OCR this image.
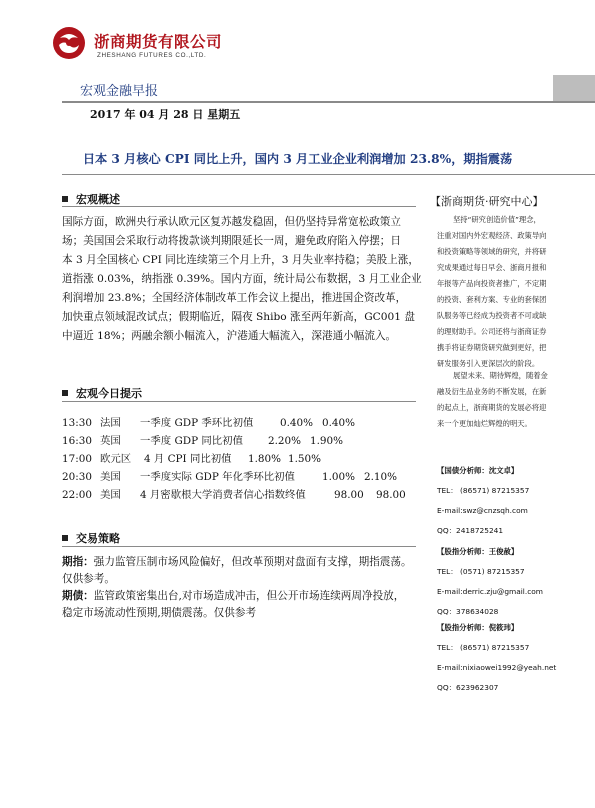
浙商期货有限公司
ZHESHANG FUTURES CO.,LTD.
宏观金融早报
2017 年 04 月 28 日 星期五
日本 3 月核心 CPI 同比上升，国内 3 月工业企业利润增加 23.8%，期指震荡
宏观概述
国际方面，欧洲央行承认欧元区复苏越发稳固，但仍坚持异常宽松政策立
场；美国国会采取行动将拨款谈判期限延长一周，避免政府陷入停摆；日
本 3 月全国核心 CPI 同比连续第三个月上升，3 月失业率持稳；美股上涨，
道指涨 0.03%，纳指涨 0.39%。国内方面，统计局公布数据，3 月工业企业
利润增加 23.8%；全国经济体制改革工作会议上提出，推进国企资改革，
加快重点领域混改试点；假期临近，隔夜 Shibo 涨至两年新高，GC001 盘
中逼近 18%；两融余额小幅流入，沪港通大幅流入，深港通小幅流入。
宏观今日提示
13:30 法国 一季度 GDP 季环比初值	0.40% 0.40%
16:30 英国 一季度 GDP 同比初值 2.20% 1.90%
17:00 欧元区 4 月 CPI 同比初值 1.80% 1.50%
20:30 美国 一季度实际 GDP 年化季环比初值	1.00% 2.10%
22:00 美国 4 月密歇根大学消费者信心指数终值	98.00 98.00
交易策略
期指：强力监管压制市场风险偏好，但改革预期对盘面有支撑，期指震荡。
仅供参考。
期债：监管政策密集出台,对市场造成冲击，但公开市场连续两周净投放，
稳定市场流动性预期,期债震荡。仅供参考
【浙商期货·研究中心】
坚持“研究创造价值”理念，
注重对国内外宏观经济、政策导向
和投资策略等领域的研究，并将研
究成果通过每日早会、浙商月报和
年报等产品向投资者推广，不定期
的投资、套利方案、专业的套保团
队服务等已经成为投资者不可或缺
的理财助手。公司还将与浙商证券
携手将证券期货研究做到更好，把
研发服务引入更深层次的阶段。
展望未来、期待辉煌，随着金
融及衍生品业务的不断发展，在新
的起点上，浙商期货的发展必将迎
来一个更加灿烂辉煌的明天。
【国债分析师：沈文卓】
TEL： (86571) 87215357
E-mail:swz@cnzsqh.com
QQ：2418725241
【股指分析师：王俊赦】
TEL： (0571) 87215357
E-mail:derric.zju@gmail.com
QQ：378634028
【股指分析师：倪筱玮】
TEL： (86571) 87215357
E-mail:nixiaowei1992@yeah.net
QQ：623962307
